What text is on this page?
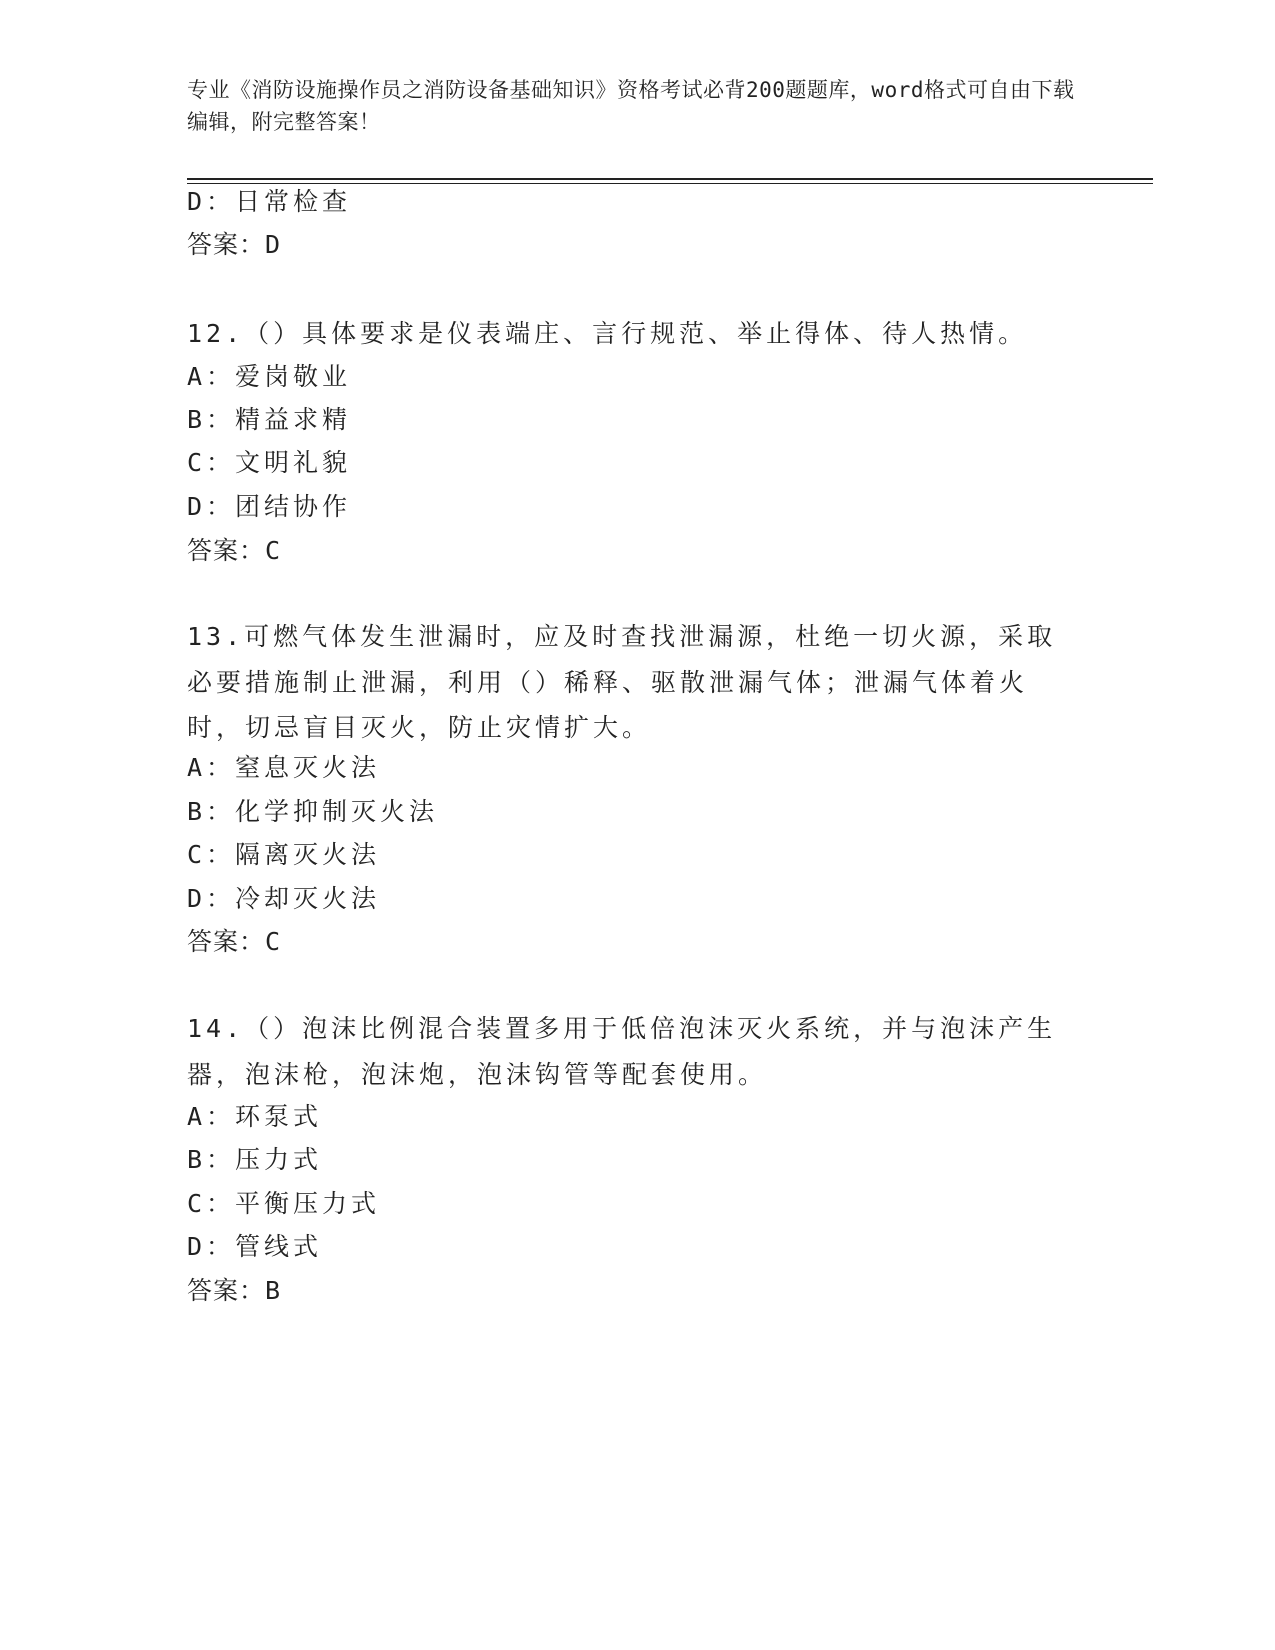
专业《消防设施操作员之消防设备基础知识》资格考试必背200题题库，word格式可自由下载编辑，附完整答案！
D：日常检查
答案：D
12.（）具体要求是仪表端庄、言行规范、举止得体、待人热情。
A：爱岗敬业
B：精益求精
C：文明礼貌
D：团结协作
答案：C
13.可燃气体发生泄漏时，应及时查找泄漏源，杜绝一切火源，采取必要措施制止泄漏，利用（）稀释、驱散泄漏气体；泄漏气体着火时，切忌盲目灭火，防止灾情扩大。
A：窒息灭火法
B：化学抑制灭火法
C：隔离灭火法
D：冷却灭火法
答案：C
14.（）泡沫比例混合装置多用于低倍泡沫灭火系统，并与泡沫产生器，泡沫枪，泡沫炮，泡沫钩管等配套使用。
A：环泵式
B：压力式
C：平衡压力式
D：管线式
答案：B
